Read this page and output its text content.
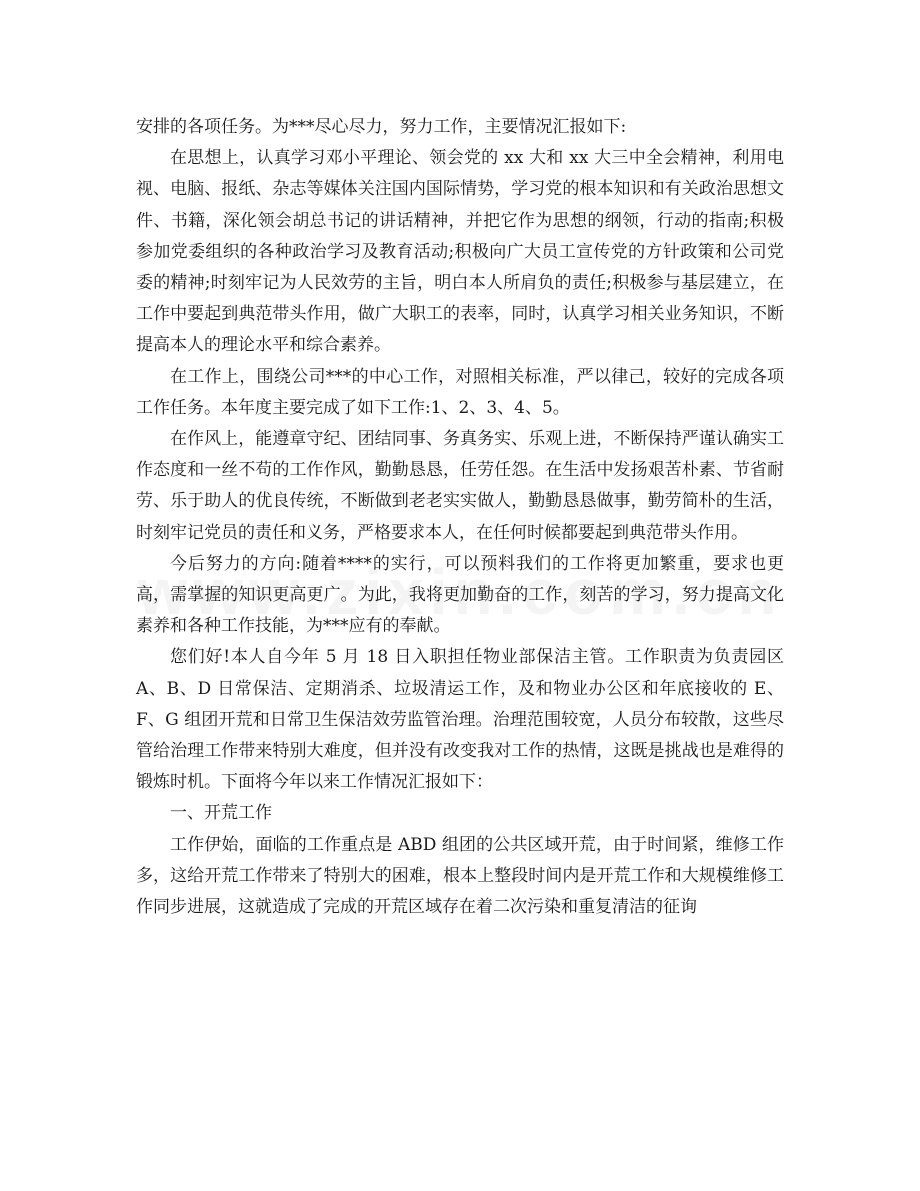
安排的各项任务。为***尽心尽力，努力工作，主要情况汇报如下:

在思想上，认真学习邓小平理论、领会党的 xx 大和 xx 大三中全会精神，利用电视、电脑、报纸、杂志等媒体关注国内国际情势，学习党的根本知识和有关政治思想文件、书籍，深化领会胡总书记的讲话精神，并把它作为思想的纲领，行动的指南;积极参加党委组织的各种政治学习及教育活动;积极向广大员工宣传党的方针政策和公司党委的精神;时刻牢记为人民效劳的主旨，明白本人所肩负的责任;积极参与基层建立，在工作中要起到典范带头作用，做广大职工的表率，同时，认真学习相关业务知识，不断提高本人的理论水平和综合素养。

在工作上，围绕公司***的中心工作，对照相关标准，严以律己，较好的完成各项工作任务。本年度主要完成了如下工作:1、2、3、4、5。

在作风上，能遵章守纪、团结同事、务真务实、乐观上进，不断保持严谨认确实工作态度和一丝不苟的工作作风，勤勤恳恳，任劳任怨。在生活中发扬艰苦朴素、节省耐劳、乐于助人的优良传统，不断做到老老实实做人，勤勤恳恳做事，勤劳简朴的生活，时刻牢记党员的责任和义务，严格要求本人，在任何时候都要起到典范带头作用。

今后努力的方向:随着****的实行，可以预料我们的工作将更加繁重，要求也更高，需掌握的知识更高更广。为此，我将更加勤奋的工作，刻苦的学习，努力提高文化素养和各种工作技能，为***应有的奉献。

您们好!本人自今年 5 月 18 日入职担任物业部保洁主管。工作职责为负责园区 A、B、D 日常保洁、定期消杀、垃圾清运工作，及和物业办公区和年底接收的 E、F、G 组团开荒和日常卫生保洁效劳监管治理。治理范围较宽，人员分布较散，这些尽管给治理工作带来特别大难度，但并没有改变我对工作的热情，这既是挑战也是难得的锻炼时机。下面将今年以来工作情况汇报如下：

一、开荒工作

工作伊始，面临的工作重点是 ABD 组团的公共区域开荒，由于时间紧，维修工作多，这给开荒工作带来了特别大的困难，根本上整段时间内是开荒工作和大规模维修工作同步进展，这就造成了完成的开荒区域存在着二次污染和重复清洁的征询
